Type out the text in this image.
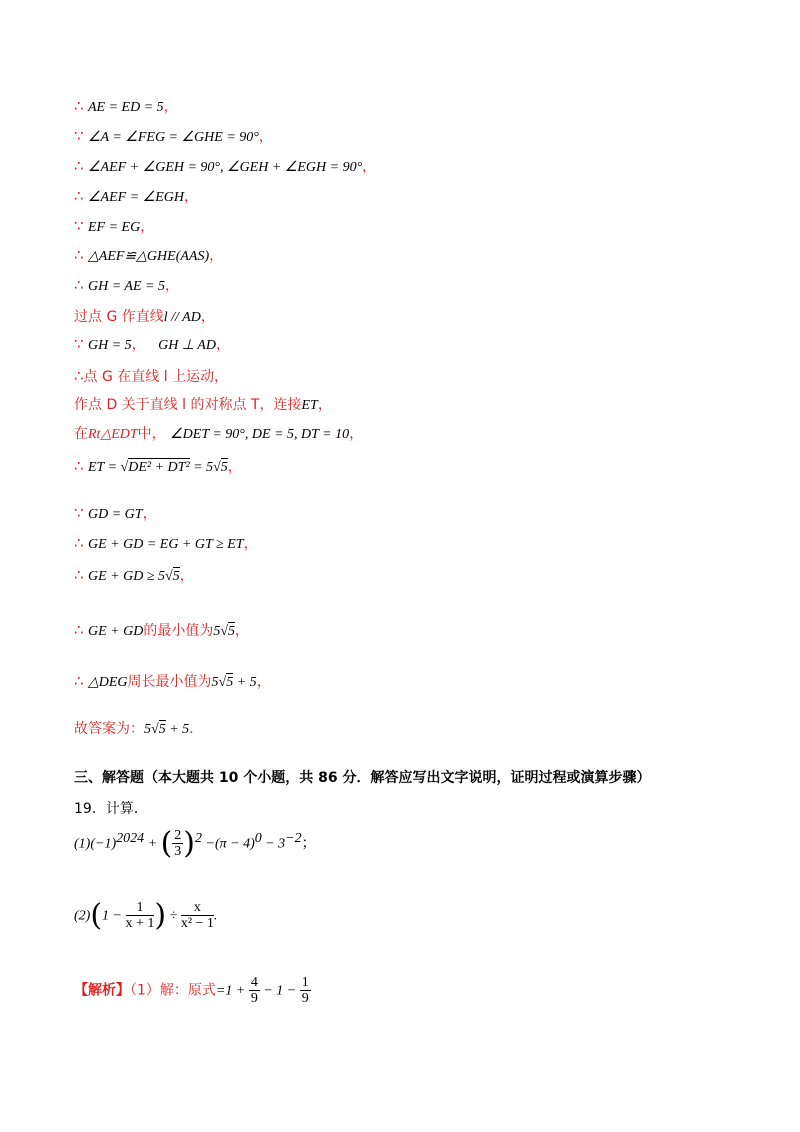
∴ AE = ED = 5，
∵ ∠A = ∠FEG = ∠GHE = 90°，
∴ ∠AEF + ∠GEH = 90°, ∠GEH + ∠EGH = 90°，
∴ ∠AEF = ∠EGH，
∵ EF = EG，
∴ △AEF≌△GHE(AAS)，
∴ GH = AE = 5，
过点 G 作直线l // AD，
∵ GH = 5， GH ⊥ AD，
∴点 G 在直线 l 上运动，
作点 D 关于直线 l 的对称点 T，连接ET，
在Rt△EDT中， ∠DET = 90°, DE = 5, DT = 10，
∴ ET = √DE² + DT² = 5√5，
∵ GD = GT，
∴ GE + GD = EG + GT ≥ ET，
∴ GE + GD ≥ 5√5，
∴ GE + GD的最小值为5√5，
∴ △DEG周长最小值为5√5 + 5，
故答案为：5√5 + 5.
三、解答题（本大题共 10 个小题，共 86 分．解答应写出文字说明，证明过程或演算步骤）
19．计算．
$(1)(-1)^{2024}$ + ( $\frac{2}{3} )^2 -(\pi - 4)^0 - 3^{-2}$；
$(2)(1 - \frac{1}{x + 1}$ ) ÷ $\frac{x}{\text{x² − 1}}$ .
【解析】（1）解：原式$=1 + \frac{4}{9} - 1 - \frac{1}{9}$
